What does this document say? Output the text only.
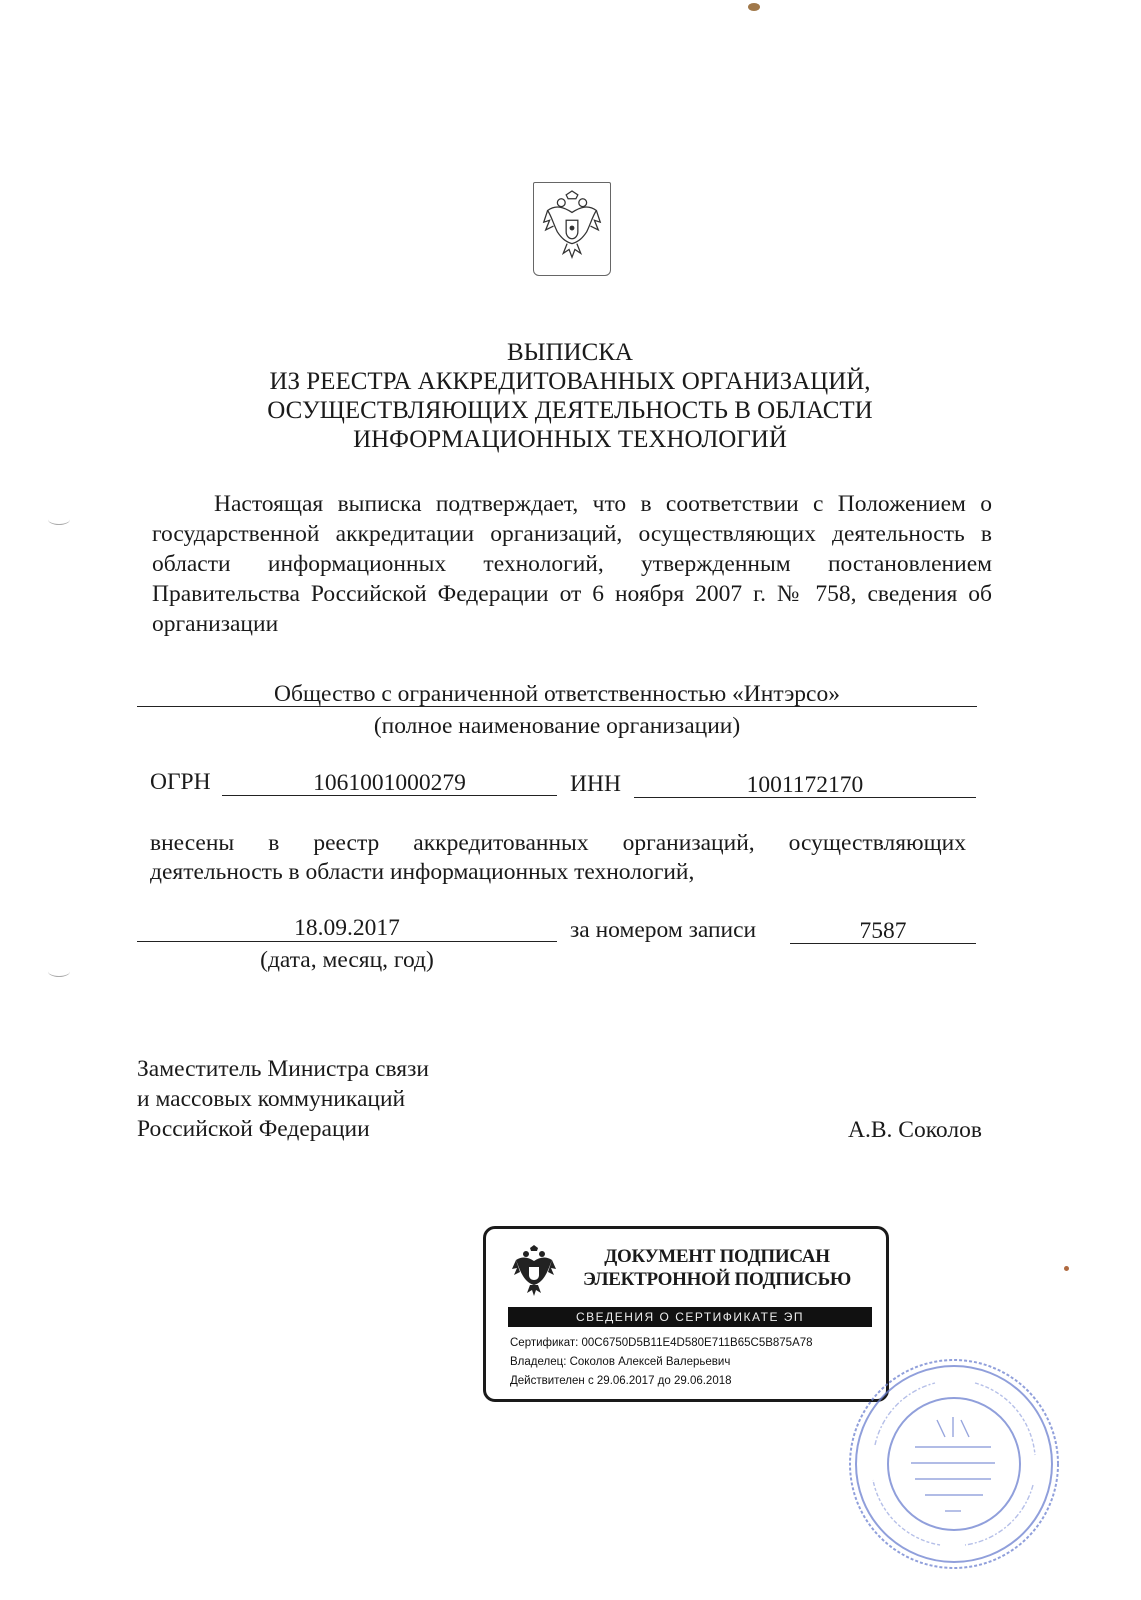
ВЫПИСКА
ИЗ РЕЕСТРА АККРЕДИТОВАННЫХ ОРГАНИЗАЦИЙ,
ОСУЩЕСТВЛЯЮЩИХ ДЕЯТЕЛЬНОСТЬ В ОБЛАСТИ
ИНФОРМАЦИОННЫХ ТЕХНОЛОГИЙ
Настоящая выписка подтверждает, что в соответствии с Положением о государственной аккредитации организаций, осуществляющих деятельность в области информационных технологий, утвержденным постановлением Правительства Российской Федерации от 6 ноября 2007 г. № 758, сведения об организации
Общество с ограниченной ответственностью «Интэрсо»
(полное наименование организации)
ОГРН	1061001000279	ИНН	1001172170
внесены в реестр аккредитованных организаций, осуществляющих
деятельность в области информационных технологий,
18.09.2017
(дата, месяц, год)
за номером записи	7587
Заместитель Министра связи
и массовых коммуникаций
Российской Федерации	А.В. Соколов
ДОКУМЕНТ ПОДПИСАН
ЭЛЕКТРОННОЙ ПОДПИСЬЮ
СВЕДЕНИЯ О СЕРТИФИКАТЕ ЭП
Сертификат: 00C6750D5B11E4D580E711B65C5B875A78
Владелец: Соколов Алексей Валерьевич
Действителен с 29.06.2017 до 29.06.2018
